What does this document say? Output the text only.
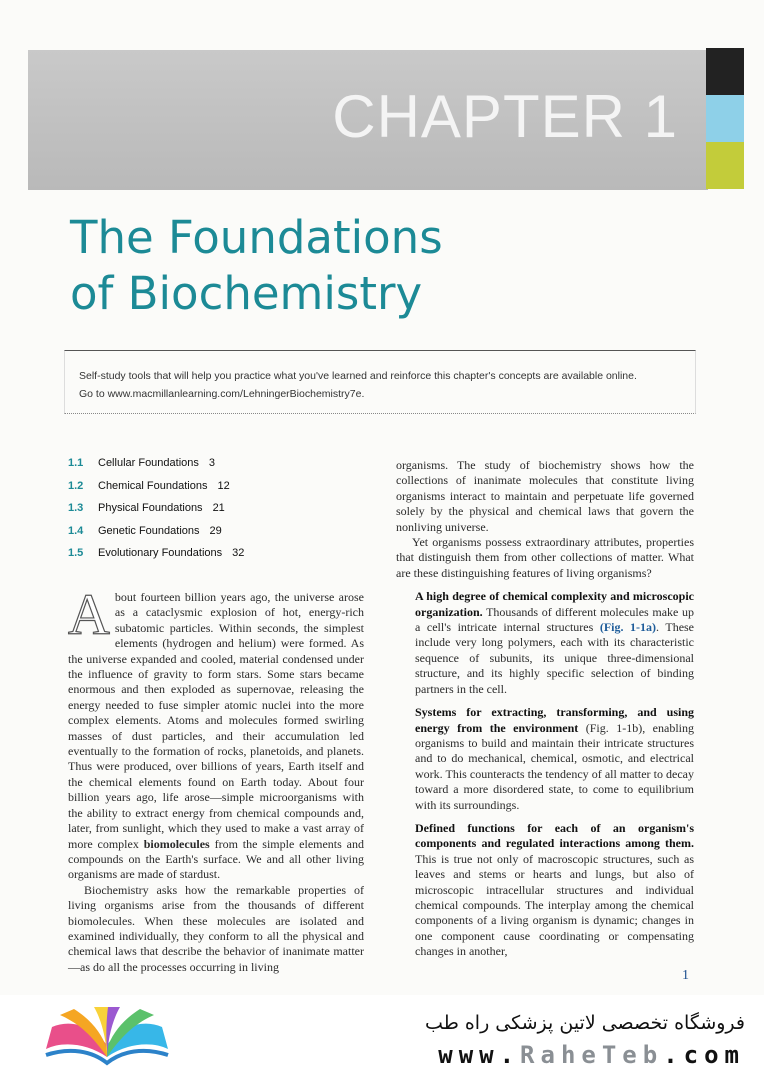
CHAPTER 1
The Foundations
of Biochemistry

Self-study tools that will help you practice what you've learned and reinforce this chapter's concepts are available online.

Go to www.macmillanlearning.com/LehningerBiochemistry7e.

1.1 Cellular Foundations 3
1.2 Chemical Foundations 12
1.3 Physical Foundations 21
1.4 Genetic Foundations 29
1.5 Evolutionary Foundations 32

About fourteen billion years ago, the universe arose as a cataclysmic explosion of hot, energy-rich subatomic particles. Within seconds, the simplest elements (hydrogen and helium) were formed. As the universe expanded and cooled, material condensed under the influence of gravity to form stars. Some stars became enormous and then exploded as supernovae, releasing the energy needed to fuse simpler atomic nuclei into the more complex elements. Atoms and molecules formed swirling masses of dust particles, and their accumulation led eventually to the formation of rocks, planetoids, and planets. Thus were produced, over billions of years, Earth itself and the chemical elements found on Earth today. About four billion years ago, life arose—simple microorganisms with the ability to extract energy from chemical compounds and, later, from sunlight, which they used to make a vast array of more complex biomolecules from the simple elements and compounds on the Earth's surface. We and all other living organisms are made of stardust.

Biochemistry asks how the remarkable properties of living organisms arise from the thousands of different biomolecules. When these molecules are isolated and examined individually, they conform to all the physical and chemical laws that describe the behavior of inanimate matter—as do all the processes occurring in living

organisms. The study of biochemistry shows how the collections of inanimate molecules that constitute living organisms interact to maintain and perpetuate life governed solely by the physical and chemical laws that govern the nonliving universe.

Yet organisms possess extraordinary attributes, properties that distinguish them from other collections of matter. What are these distinguishing features of living organisms?

A high degree of chemical complexity and microscopic organization. Thousands of different molecules make up a cell's intricate internal structures (Fig. 1-1a). These include very long polymers, each with its characteristic sequence of subunits, its unique three-dimensional structure, and its highly specific selection of binding partners in the cell.

Systems for extracting, transforming, and using energy from the environment (Fig. 1-1b), enabling organisms to build and maintain their intricate structures and to do mechanical, chemical, osmotic, and electrical work. This counteracts the tendency of all matter to decay toward a more disordered state, to come to equilibrium with its surroundings.

Defined functions for each of an organism's components and regulated interactions among them. This is true not only of macroscopic structures, such as leaves and stems or hearts and lungs, but also of microscopic intracellular structures and individual chemical compounds. The interplay among the chemical components of a living organism is dynamic; changes in one component cause coordinating or compensating changes in another,

1
فروشگاه تخصصی لاتین پزشکی راه طب
www.RaheTeb.com
